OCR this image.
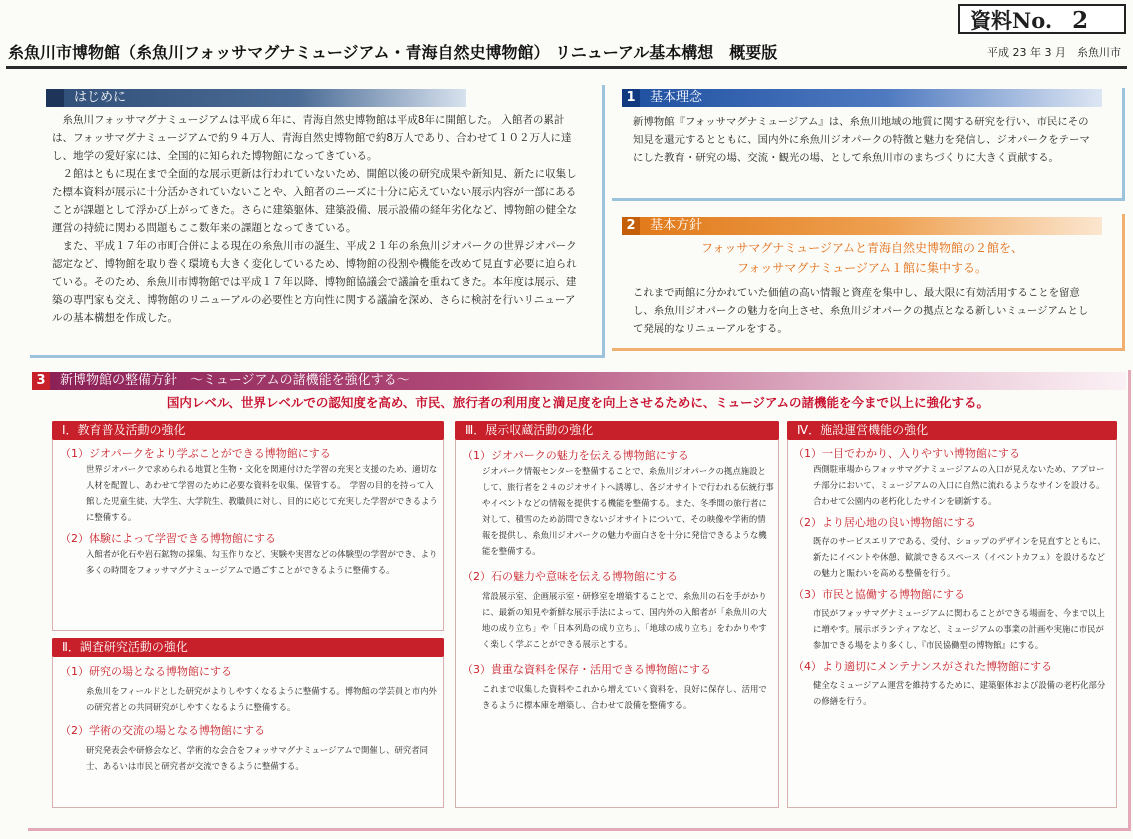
資料No. 2
糸魚川市博物館（糸魚川フォッサマグナミュージアム・青海自然史博物館） リニューアル基本構想　概要版	平成 23 年 3 月　糸魚川市
はじめに

糸魚川フォッサマグナミュージアムは平成６年に、青海自然史博物館は平成8年に開館した。 入館者の累計は、フォッサマグナミュージアムで約９４万人、青海自然史博物館で約8万人であり、合わせて１０２万人に達し、地学の愛好家には、全国的に知られた博物館になってきている。

２館はともに現在まで全面的な展示更新は行われていないため、開館以後の研究成果や新知見、新たに収集した標本資料が展示に十分活かされていないことや、入館者のニーズに十分に応えていない展示内容が一部にあることが課題として浮かび上がってきた。さらに建築躯体、建築設備、展示設備の経年劣化など、博物館の健全な運営の持続に関わる問題もここ数年来の課題となってきている。

また、平成１７年の市町合併による現在の糸魚川市の誕生、平成２１年の糸魚川ジオパークの世界ジオパーク認定など、博物館を取り巻く環境も大きく変化しているため、博物館の役割や機能を改めて見直す必要に迫られている。そのため、糸魚川市博物館では平成１７年以降、博物館協議会で議論を重ねてきた。本年度は展示、建築の専門家も交え、博物館のリニューアルの必要性と方向性に関する議論を深め、さらに検討を行いリニューアルの基本構想を作成した。

1 基本理念
新博物館『フォッサマグナミュージアム』は、糸魚川地域の地質に関する研究を行い、市民にその知見を還元するとともに、国内外に糸魚川ジオパークの特徴と魅力を発信し、ジオパークをテーマにした教育・研究の場、交流・観光の場、として糸魚川市のまちづくりに大きく貢献する。
2 基本方針
フォッサマグナミュージアムと青海自然史博物館の２館を、
フォッサマグナミュージアム１館に集中する。
これまで両館に分かれていた価値の高い情報と資産を集中し、最大限に有効活用することを留意し、糸魚川ジオパークの魅力を向上させ、糸魚川ジオパークの拠点となる新しいミュージアムとして発展的なリニューアルをする。
3 新博物館の整備方針　～ミュージアムの諸機能を強化する～
国内レベル、世界レベルでの認知度を高め、市民、旅行者の利用度と満足度を向上させるために、ミュージアムの諸機能を今まで以上に強化する。
Ⅰ．教育普及活動の強化
（1）ジオパークをより学ぶことができる博物館にする
世界ジオパークで求められる地質と生物・文化を関連付けた学習の充実と支援のため、適切な人材を配置し、あわせて学習のために必要な資料を収集、保管する。　学習の目的を持って入館した児童生徒、大学生、大学院生、教職員に対し、目的に応じて充実した学習ができるように整備する。
（2）体験によって学習できる博物館にする
入館者が化石や岩石鉱物の採集、勾玉作りなど、実験や実習などの体験型の学習ができ、より多くの時間をフォッサマグナミュージアムで過ごすことができるように整備する。
Ⅱ．調査研究活動の強化
（1）研究の場となる博物館にする
糸魚川をフィールドとした研究がよりしやすくなるように整備する。博物館の学芸員と市内外の研究者との共同研究がしやすくなるように整備する。
（2）学術の交流の場となる博物館にする
研究発表会や研修会など、学術的な会合をフォッサマグナミュージアムで開催し、研究者同士、あるいは市民と研究者が交流できるように整備する。
Ⅲ．展示収蔵活動の強化
（1）ジオパークの魅力を伝える博物館にする
ジオパーク情報センターを整備することで、糸魚川ジオパークの拠点施設として、旅行者を２４のジオサイトへ誘導し、各ジオサイトで行われる伝統行事やイベントなどの情報を提供する機能を整備する。また、冬季間の旅行者に対して、積雪のため訪問できないジオサイトについて、その映像や学術的情報を提供し、糸魚川ジオパークの魅力や面白さを十分に発信できるような機能を整備する。
（2）石の魅力や意味を伝える博物館にする
常設展示室、企画展示室・研修室を増築することで、糸魚川の石を手がかりに、最新の知見や新鮮な展示手法によって、国内外の入館者が「糸魚川の大地の成り立ち」や「日本列島の成り立ち」、「地球の成り立ち」をわかりやすく楽しく学ぶことができる展示とする。
（3）貴重な資料を保存・活用できる博物館にする
これまで収集した資料やこれから増えていく資料を、良好に保存し、活用できるように標本庫を増築し、合わせて設備を整備する。
Ⅳ．施設運営機能の強化
（1）一目でわかり、入りやすい博物館にする
西側駐車場からフォッサマグナミュージアムの入口が見えないため、アプローチ部分において、ミュージアムの入口に自然に流れるようなサインを設ける。合わせて公園内の老朽化したサインを刷新する。
（2）より居心地の良い博物館にする
既存のサービスエリアである、受付、ショップのデザインを見直すとともに、新たにイベントや休憩、歓談できるスペース（イベントカフェ）を設けるなどの魅力と賑わいを高める整備を行う。
（3）市民と協働する博物館にする
市民がフォッサマグナミュージアムに関わることができる場面を、今まで以上に増やす。展示ボランティアなど、ミュージアムの事業の計画や実施に市民が参加できる場をより多くし、『市民協働型の博物館』にする。
（4）より適切にメンテナンスがされた博物館にする
健全なミュージアム運営を維持するために、建築躯体および設備の老朽化部分の修繕を行う。
